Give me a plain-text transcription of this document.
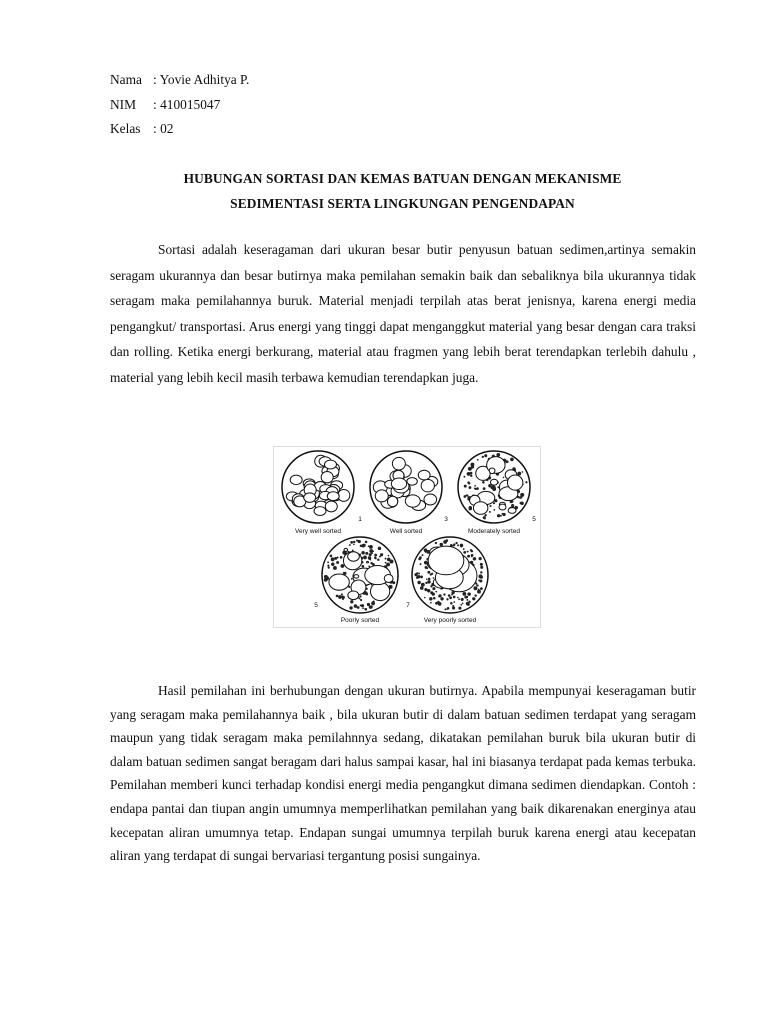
Nama : Yovie Adhitya P.
NIM	: 410015047
Kelas : 02
HUBUNGAN SORTASI DAN KEMAS BATUAN DENGAN MEKANISME
SEDIMENTASI SERTA LINGKUNGAN PENGENDAPAN

Sortasi adalah keseragaman dari ukuran besar butir penyusun batuan sedimen,artinya semakin seragam ukurannya dan besar butirnya maka pemilahan semakin baik dan sebaliknya bila ukurannya tidak seragam maka pemilahannya buruk. Material menjadi terpilah atas berat jenisnya, karena energi media pengangkut/ transportasi. Arus energi yang tinggi dapat menganggkut material yang besar dengan cara traksi dan rolling. Ketika energi berkurang, material atau fragmen yang lebih berat terendapkan terlebih dahulu , material yang lebih kecil masih terbawa kemudian terendapkan juga.

Very well sorted
1
Well sorted
3
Moderately sorted
5
Poorly sorted
5
Very poorly sorted
7

Hasil pemilahan ini berhubungan dengan ukuran butirnya. Apabila mempunyai keseragaman butir yang seragam maka pemilahannya baik , bila ukuran butir di dalam batuan sedimen terdapat yang seragam maupun yang tidak seragam maka pemilahnnya sedang, dikatakan pemilahan buruk bila ukuran butir di dalam batuan sedimen sangat beragam dari halus sampai kasar, hal ini biasanya terdapat pada kemas terbuka. Pemilahan memberi kunci terhadap kondisi energi media pengangkut dimana sedimen diendapkan. Contoh : endapa pantai dan tiupan angin umumnya memperlihatkan pemilahan yang baik dikarenakan energinya atau kecepatan aliran umumnya tetap. Endapan sungai umumnya terpilah buruk karena energi atau kecepatan aliran yang terdapat di sungai bervariasi tergantung posisi sungainya.
